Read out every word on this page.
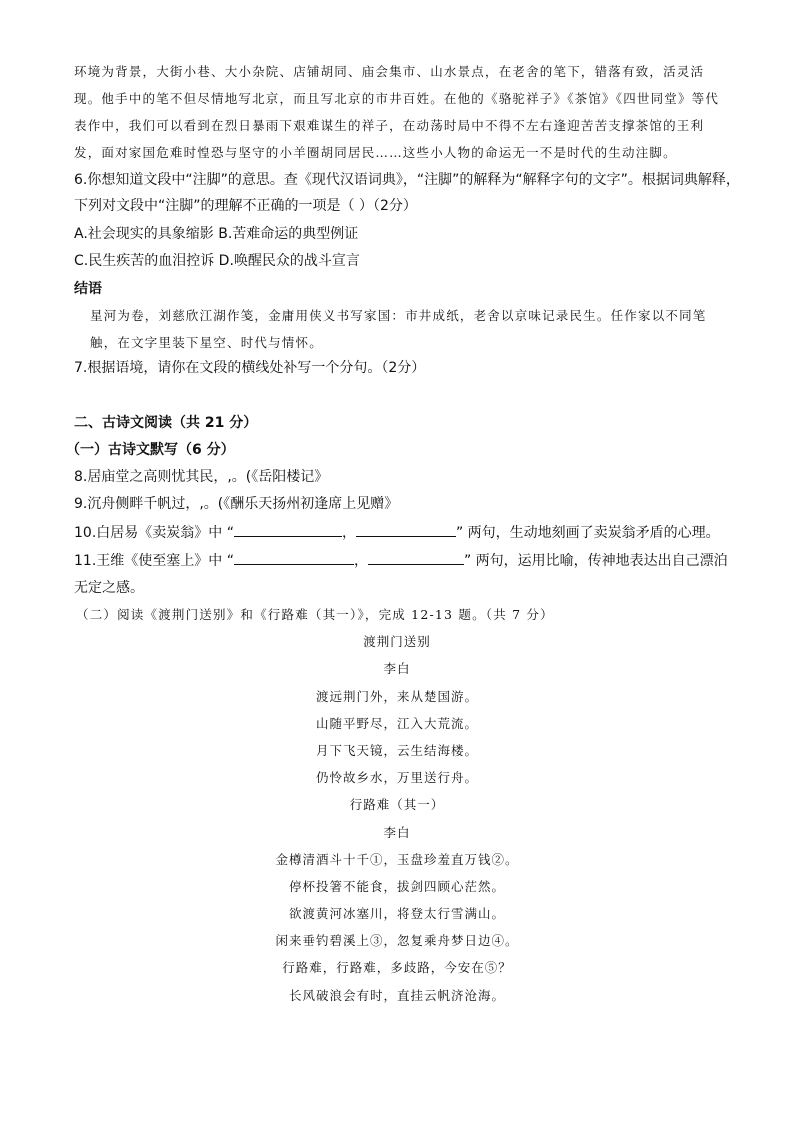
环境为背景，大街小巷、大小杂院、店铺胡同、庙会集市、山水景点，在老舍的笔下，错落有致，活灵活现。他手中的笔不但尽情地写北京，而且写北京的市井百姓。在他的《骆驼祥子》《茶馆》《四世同堂》等代表作中，我们可以看到在烈日暴雨下艰难谋生的祥子，在动荡时局中不得不左右逢迎苦苦支撑茶馆的王利发，面对家国危难时惶恐与坚守的小羊圈胡同居民……这些小人物的命运无一不是时代的生动注脚。
6.你想知道文段中“注脚”的意思。查《现代汉语词典》，“注脚”的解释为“解释字句的文字”。根据词典解释，
下列对文段中“注脚”的理解不正确的一项是（ ）（2分）
A.社会现实的具象缩影 B.苦难命运的典型例证
C.民生疾苦的血泪控诉 D.唤醒民众的战斗宣言
结语
星河为卷，刘慈欣江湖作笺，金庸用侠义书写家国：市井成纸，老舍以京味记录民生。任作家以不同笔触，在文字里装下星空、时代与情怀。
7.根据语境，请你在文段的横线处补写一个分句。（2分）
二、古诗文阅读（共 21 分）
（一）古诗文默写（6 分）
8.居庙堂之高则忧其民，,。(《岳阳楼记》
9.沉舟侧畔千帆过，,。(《酬乐天扬州初逢席上见赠》
10.白居易《卖炭翁》中 “	，	” 两句，生动地刻画了卖炭翁矛盾的心理。
11.王维《使至塞上》中 “	，	” 两句，运用比喻，传神地表达出自己漂泊
无定之感。
（二）阅读《渡荆门送别》和《行路难（其一）》，完成 12-13 题。（共 7 分）
渡荆门送别
李白
渡远荆门外，来从楚国游。
山随平野尽，江入大荒流。
月下飞天镜，云生结海楼。
仍怜故乡水，万里送行舟。
行路难（其一）
李白
金樽清酒斗十千①，玉盘珍羞直万钱②。
停杯投箸不能食，拔剑四顾心茫然。
欲渡黄河冰塞川，将登太行雪满山。
闲来垂钓碧溪上③，忽复乘舟梦日边④。
行路难，行路难，多歧路，今安在⑤？
长风破浪会有时，直挂云帆济沧海。
